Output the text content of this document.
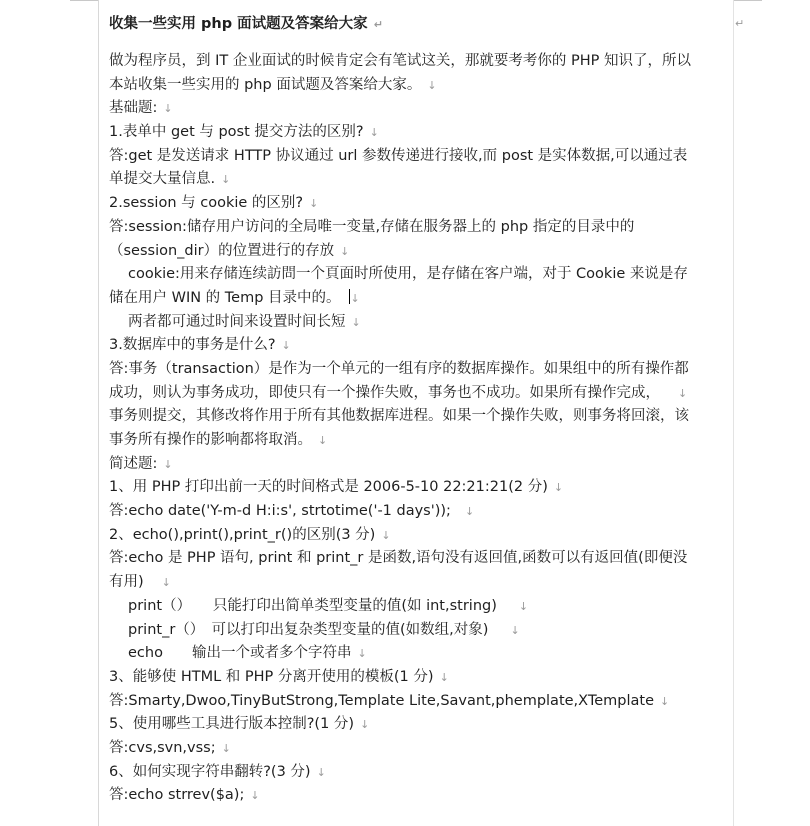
↵
收集一些实用 php 面试题及答案给大家 ↵
做为程序员，到 IT 企业面试的时候肯定会有笔试这关，那就要考考你的 PHP 知识了，所以
本站收集一些实用的 php 面试题及答案给大家。 ↓
基础题: ↓
1.表单中 get 与 post 提交方法的区别? ↓
答:get 是发送请求 HTTP 协议通过 url 参数传递进行接收,而 post 是实体数据,可以通过表
单提交大量信息. ↓
2.session 与 cookie 的区别? ↓
答:session:储存用户访问的全局唯一变量,存储在服务器上的 php 指定的目录中的
（session_dir）的位置进行的存放 ↓
cookie:用来存储连续訪問一个頁面时所使用，是存储在客户端，对于 Cookie 来说是存
储在用户 WIN 的 Temp 目录中的。 ↓
两者都可通过时间来设置时间长短 ↓
3.数据库中的事务是什么? ↓
答:事务（transaction）是作为一个单元的一组有序的数据库操作。如果组中的所有操作都
成功，则认为事务成功，即使只有一个操作失败，事务也不成功。如果所有操作完成， ↓
事务则提交，其修改将作用于所有其他数据库进程。如果一个操作失败，则事务将回滚，该
事务所有操作的影响都将取消。 ↓
简述题: ↓
1、用 PHP 打印出前一天的时间格式是 2006-5-10 22:21:21(2 分) ↓
答:echo date('Y-m-d H:i:s', strtotime('-1 days')); ↓
2、echo(),print(),print_r()的区别(3 分) ↓
答:echo 是 PHP 语句, print 和 print_r 是函数,语句没有返回值,函数可以有返回值(即便没
有用) ↓
print（）　　只能打印出简单类型变量的值(如 int,string) ↓
print_r（）　可以打印出复杂类型变量的值(如数组,对象) ↓
echo　　输出一个或者多个字符串 ↓
3、能够使 HTML 和 PHP 分离开使用的模板(1 分) ↓
答:Smarty,Dwoo,TinyButStrong,Template Lite,Savant,phemplate,XTemplate ↓
5、使用哪些工具进行版本控制?(1 分) ↓
答:cvs,svn,vss; ↓
6、如何实现字符串翻转?(3 分) ↓
答:echo strrev($a); ↓
